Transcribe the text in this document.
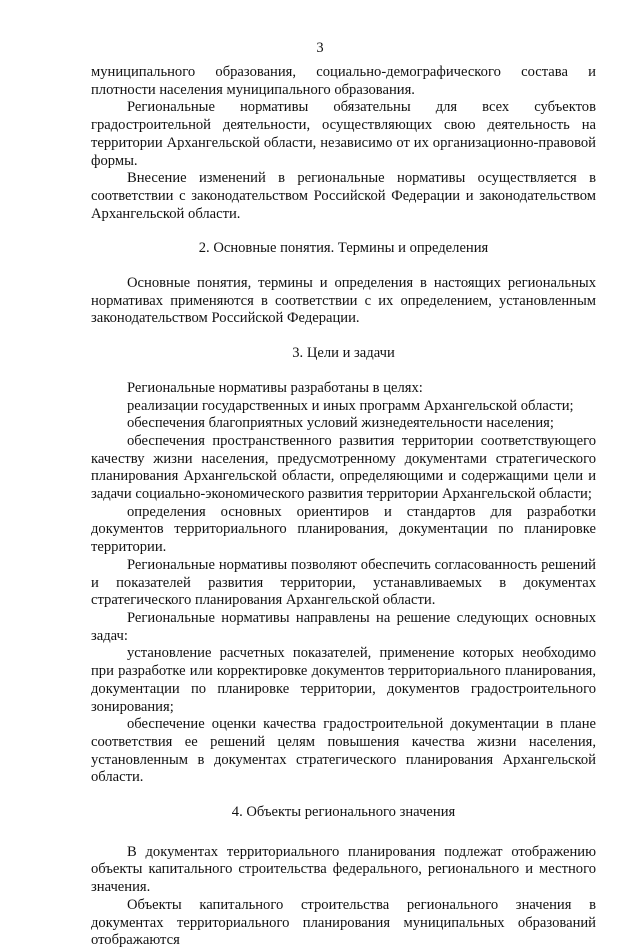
3

муниципального образования, социально-демографического состава и плотности населения муниципального образования.

Региональные нормативы обязательны для всех субъектов градостроительной деятельности, осуществляющих свою деятельность на территории Архангельской области, независимо от их организационно-правовой формы.

Внесение изменений в региональные нормативы осуществляется в соответствии с законодательством Российской Федерации и законодательством Архангельской области.

2. Основные понятия. Термины и определения

Основные понятия, термины и определения в настоящих региональных нормативах применяются в соответствии с их определением, установленным законодательством Российской Федерации.

3. Цели и задачи

Региональные нормативы разработаны в целях:

реализации государственных и иных программ Архангельской области;

обеспечения благоприятных условий жизнедеятельности населения;

обеспечения пространственного развития территории соответствующего качеству жизни населения, предусмотренному документами стратегического планирования Архангельской области, определяющими и содержащими цели и задачи социально-экономического развития территории Архангельской области;

определения основных ориентиров и стандартов для разработки документов территориального планирования, документации по планировке территории.

Региональные нормативы позволяют обеспечить согласованность решений и показателей развития территории, устанавливаемых в документах стратегического планирования Архангельской области.

Региональные нормативы направлены на решение следующих основных задач:

установление расчетных показателей, применение которых необходимо при разработке или корректировке документов территориального планирования, документации по планировке территории, документов градостроительного зонирования;

обеспечение оценки качества градостроительной документации в плане соответствия ее решений целям повышения качества жизни населения, установленным в документах стратегического планирования Архангельской области.

4. Объекты регионального значения

В документах территориального планирования подлежат отображению объекты капитального строительства федерального, регионального и местного значения.

Объекты капитального строительства регионального значения в документах территориального планирования муниципальных образований отображаются
